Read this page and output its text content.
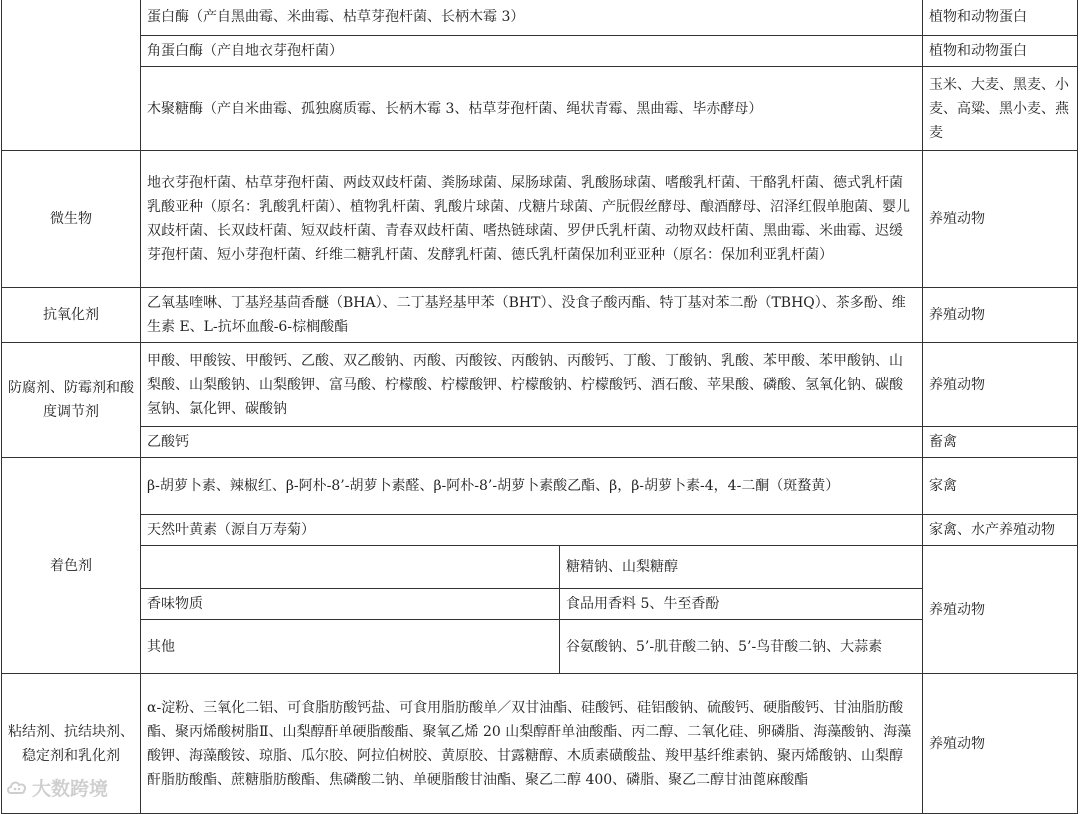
	蛋白酶（产自黑曲霉、米曲霉、枯草芽孢杆菌、长柄木霉 3）		植物和动物蛋白
	角蛋白酶（产自地衣芽孢杆菌）		植物和动物蛋白
	木聚糖酶（产自米曲霉、孤独腐质霉、长柄木霉 3、枯草芽孢杆菌、绳状青霉、黑曲霉、毕赤酵母）		玉米、大麦、黑麦、小麦、高粱、黑小麦、燕麦
微生物	地衣芽孢杆菌、枯草芽孢杆菌、两歧双歧杆菌、粪肠球菌、屎肠球菌、乳酸肠球菌、嗜酸乳杆菌、干酪乳杆菌、德式乳杆菌乳酸亚种（原名：乳酸乳杆菌）、植物乳杆菌、乳酸片球菌、戊糖片球菌、产朊假丝酵母、酿酒酵母、沼泽红假单胞菌、婴儿双歧杆菌、长双歧杆菌、短双歧杆菌、青春双歧杆菌、嗜热链球菌、罗伊氏乳杆菌、动物双歧杆菌、黑曲霉、米曲霉、迟缓芽孢杆菌、短小芽孢杆菌、纤维二糖乳杆菌、发酵乳杆菌、德氏乳杆菌保加利亚亚种（原名：保加利亚乳杆菌）		养殖动物
抗氧化剂	乙氧基喹啉、丁基羟基茴香醚（BHA）、二丁基羟基甲苯（BHT）、没食子酸丙酯、特丁基对苯二酚（TBHQ）、茶多酚、维生素 E、L-抗坏血酸-6-棕榈酸酯		养殖动物
防腐剂、防霉剂和酸度调节剂	甲酸、甲酸铵、甲酸钙、乙酸、双乙酸钠、丙酸、丙酸铵、丙酸钠、丙酸钙、丁酸、丁酸钠、乳酸、苯甲酸、苯甲酸钠、山梨酸、山梨酸钠、山梨酸钾、富马酸、柠檬酸、柠檬酸钾、柠檬酸钠、柠檬酸钙、酒石酸、苹果酸、磷酸、氢氧化钠、碳酸氢钠、氯化钾、碳酸钠		养殖动物
	乙酸钙		畜禽
着色剂	β-胡萝卜素、辣椒红、β-阿朴-8’-胡萝卜素醛、β-阿朴-8’-胡萝卜素酸乙酯、β，β-胡萝卜素-4，4-二酮（斑蝥黄）		家禽
	天然叶黄素（源自万寿菊）		家禽、水产养殖动物
		糖精钠、山梨糖醇	养殖动物
	香味物质	食品用香料 5、牛至香酚	
	其他	谷氨酸钠、5’-肌苷酸二钠、5’-鸟苷酸二钠、大蒜素	
粘结剂、抗结块剂、稳定剂和乳化剂	α-淀粉、三氧化二铝、可食脂肪酸钙盐、可食用脂肪酸单／双甘油酯、硅酸钙、硅铝酸钠、硫酸钙、硬脂酸钙、甘油脂肪酸酯、聚丙烯酸树脂Ⅱ、山梨醇酐单硬脂酸酯、聚氧乙烯 20 山梨醇酐单油酸酯、丙二醇、二氧化硅、卵磷脂、海藻酸钠、海藻酸钾、海藻酸铵、琼脂、瓜尔胶、阿拉伯树胶、黄原胶、甘露糖醇、木质素磺酸盐、羧甲基纤维素钠、聚丙烯酸钠、山梨醇酐脂肪酸酯、蔗糖脂肪酸酯、焦磷酸二钠、单硬脂酸甘油酯、聚乙二醇 400、磷脂、聚乙二醇甘油蓖麻酸酯		养殖动物
大数跨境
